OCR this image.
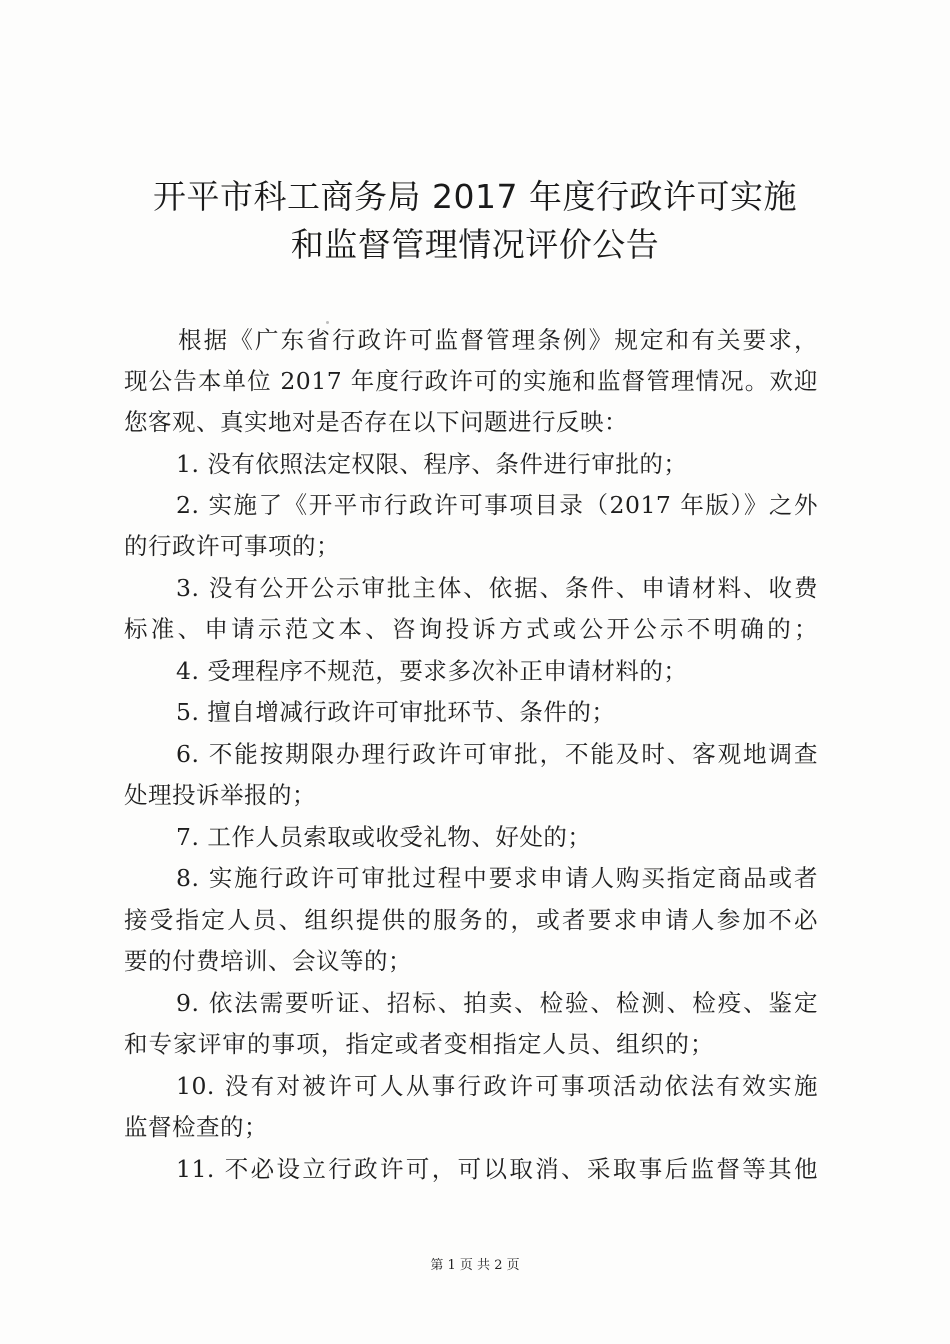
开平市科工商务局 2017 年度行政许可实施
和监督管理情况评价公告
根据《广东省行政许可监督管理条例》规定和有关要求，
现公告本单位 2017 年度行政许可的实施和监督管理情况。欢迎
您客观、真实地对是否存在以下问题进行反映：
1. 没有依照法定权限、程序、条件进行审批的；
2. 实施了《开平市行政许可事项目录（2017 年版）》之外
的行政许可事项的；
3. 没有公开公示审批主体、依据、条件、申请材料、收费
标准、申请示范文本、咨询投诉方式或公开公示不明确的；
4. 受理程序不规范，要求多次补正申请材料的；
5. 擅自增减行政许可审批环节、条件的；
6. 不能按期限办理行政许可审批，不能及时、客观地调查
处理投诉举报的；
7. 工作人员索取或收受礼物、好处的；
8. 实施行政许可审批过程中要求申请人购买指定商品或者
接受指定人员、组织提供的服务的，或者要求申请人参加不必
要的付费培训、会议等的；
9. 依法需要听证、招标、拍卖、检验、检测、检疫、鉴定
和专家评审的事项，指定或者变相指定人员、组织的；
10. 没有对被许可人从事行政许可事项活动依法有效实施
监督检查的；
11. 不必设立行政许可，可以取消、采取事后监督等其他
第 1 页 共 2 页
